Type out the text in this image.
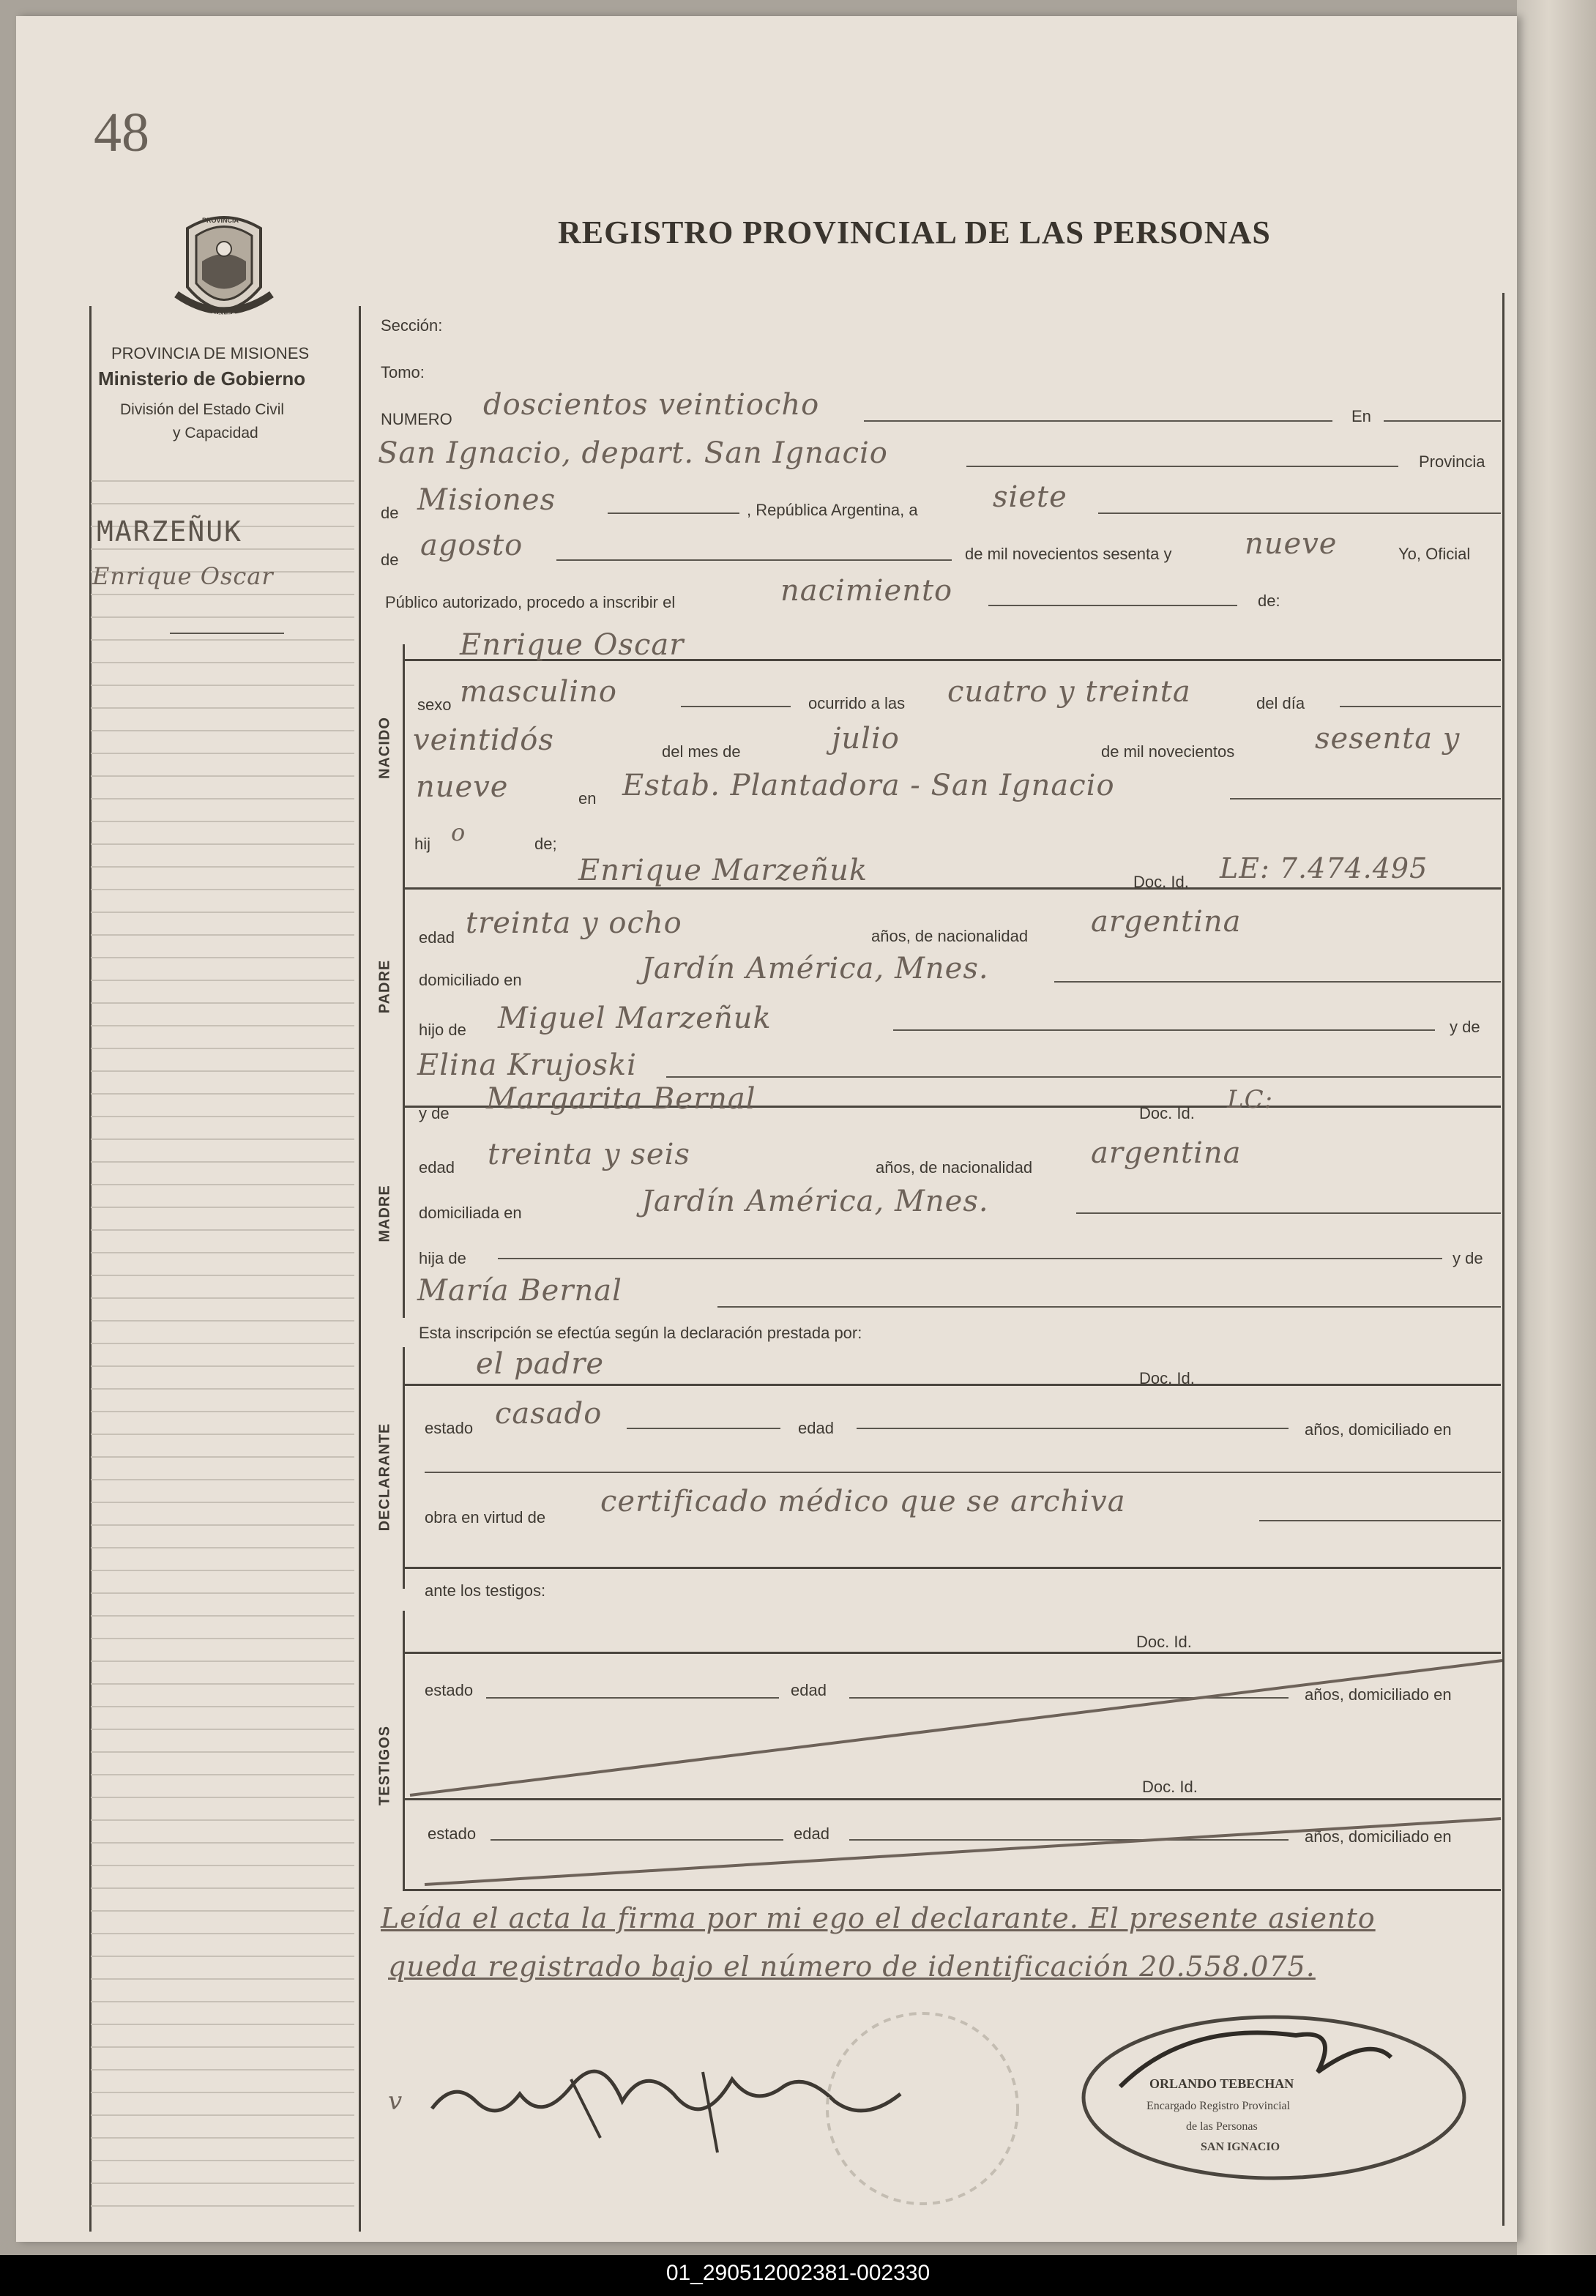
48
REGISTRO PROVINCIAL DE LAS PERSONAS
PROVINCIA
MISIONES
PROVINCIA DE MISIONES
Ministerio de Gobierno
División del Estado Civil
y Capacidad
MARZEÑUK
Enrique Oscar
Sección:
Tomo:
NUMERO doscientos veintiocho	En
San Ignacio, depart. San Ignacio	Provincia
de Misiones	, República Argentina, a	siete
de agosto	de mil novecientos sesenta y nueve	Yo, Oficial
Público autorizado, procedo a inscribir el	nacimiento	de:
NACIDO
Enrique Oscar
sexo masculino	ocurrido a las cuatro y treinta	del día
veintidós	del mes de	julio	de mil novecientos	sesenta y
nueve	en Estab. Plantadora - San Ignacio
hij o	de;
PADRE
Enrique Marzeñuk	Doc. Id. LE: 7.474.495
edad treinta y ocho	años, de nacionalidad argentina
domiciliado en	Jardín América, Mnes.
hijo de Miguel Marzeñuk	y de
Elina Krujoski
MADRE
y de Margarita Bernal	Doc. Id. LC:
edad treinta y seis	años, de nacionalidad argentina
domiciliada en	Jardín América, Mnes.
hija de	y de
María Bernal
Esta inscripción se efectúa según la declaración prestada por:
DECLARANTE
el padre	Doc. Id.
estado casado	edad	años, domiciliado en
obra en virtud de certificado médico que se archiva
ante los testigos:
TESTIGOS
Doc. Id.
estado	edad	años, domiciliado en
Doc. Id.
estado	edad	años, domiciliado en
Leída el acta la firma por mi ego el declarante. El presente asiento
queda registrado bajo el número de identificación 20.558.075.
v
ORLANDO TEBECHAN
Encargado Registro Provincial
de las Personas
SAN IGNACIO
01_290512002381-002330
